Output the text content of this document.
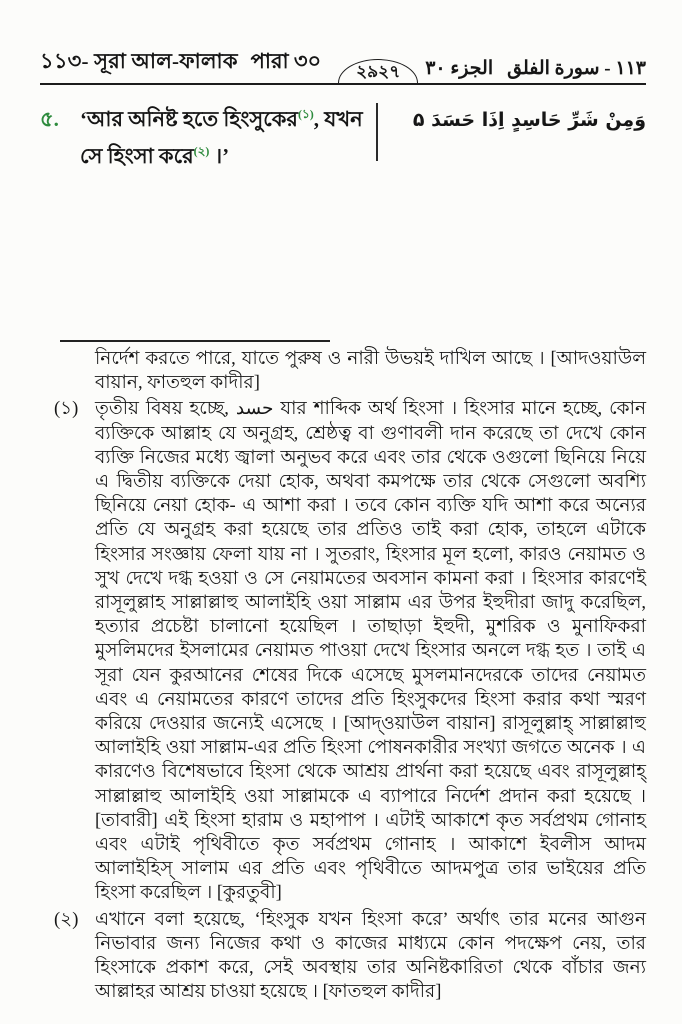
১১৩- সূরা আল-ফালাক পারা ৩০	২৯২৭	الجزء ٣٠ ١١٣ - سورة الفلق
৫.	‘আর অনিষ্ট হতে হিংসুকের$^{(১)}$, যখন সে হিংসা করে$^{(২)}$ ।’
وَمِنْ شَرِّ حَاسِدٍ اِذَا حَسَدَ ۵
নির্দেশ করতে পারে, যাতে পুরুষ ও নারী উভয়ই দাখিল আছে । [আদওয়াউল বায়ান, ফাতহুল কাদীর]
(১) তৃতীয় বিষয় হচ্ছে, حسد যার শাব্দিক অর্থ হিংসা । হিংসার মানে হচ্ছে, কোন ব্যক্তিকে আল্লাহ যে অনুগ্রহ, শ্রেষ্ঠত্ব বা গুণাবলী দান করেছে তা দেখে কোন ব্যক্তি নিজের মধ্যে জ্বালা অনুভব করে এবং তার থেকে ওগুলো ছিনিয়ে নিয়ে এ দ্বিতীয় ব্যক্তিকে দেয়া হোক, অথবা কমপক্ষে তার থেকে সেগুলো অবশ্যি ছিনিয়ে নেয়া হোক- এ আশা করা । তবে কোন ব্যক্তি যদি আশা করে অন্যের প্রতি যে অনুগ্রহ করা হয়েছে তার প্রতিও তাই করা হোক, তাহলে এটাকে হিংসার সংজ্ঞায় ফেলা যায় না । সুতরাং, হিংসার মূল হলো, কারও নেয়ামত ও সুখ দেখে দগ্ধ হওয়া ও সে নেয়ামতের অবসান কামনা করা । হিংসার কারণেই রাসূলুল্লাহ সাল্লাল্লাহু আলাইহি ওয়া সাল্লাম এর উপর ইহুদীরা জাদু করেছিল, হত্যার প্রচেষ্টা চালানো হয়েছিল । তাছাড়া ইহুদী, মুশরিক ও মুনাফিকরা মুসলিমদের ইসলামের নেয়ামত পাওয়া দেখে হিংসার অনলে দগ্ধ হত । তাই এ সূরা যেন কুরআনের শেষের দিকে এসেছে মুসলমানদেরকে তাদের নেয়ামত এবং এ নেয়ামতের কারণে তাদের প্রতি হিংসুকদের হিংসা করার কথা স্মরণ করিয়ে দেওয়ার জন্যেই এসেছে । [আদ্‌ওয়াউল বায়ান] রাসূলুল্লাহ্ সাল্লাল্লাহু আলাইহি ওয়া সাল্লাম-এর প্রতি হিংসা পোষনকারীর সংখ্যা জগতে অনেক । এ কারণেও বিশেষভাবে হিংসা থেকে আশ্রয় প্রার্থনা করা হয়েছে এবং রাসূলুল্লাহ্ সাল্লাল্লাহু আলাইহি ওয়া সাল্লামকে এ ব্যাপারে নির্দেশ প্রদান করা হয়েছে । [তাবারী] এই হিংসা হারাম ও মহাপাপ । এটাই আকাশে কৃত সর্বপ্রথম গোনাহ এবং এটাই পৃথিবীতে কৃত সর্বপ্রথম গোনাহ । আকাশে ইবলীস আদম আলাইহিস্ সালাম এর প্রতি এবং পৃথিবীতে আদমপুত্র তার ভাইয়ের প্রতি হিংসা করেছিল । [কুরতুবী]
(২) এখানে বলা হয়েছে, ‘হিংসুক যখন হিংসা করে’ অর্থাৎ তার মনের আগুন নিভাবার জন্য নিজের কথা ও কাজের মাধ্যমে কোন পদক্ষেপ নেয়, তার হিংসাকে প্রকাশ করে, সেই অবস্থায় তার অনিষ্টকারিতা থেকে বাঁচার জন্য আল্লাহর আশ্রয় চাওয়া হয়েছে । [ফাতহুল কাদীর]
